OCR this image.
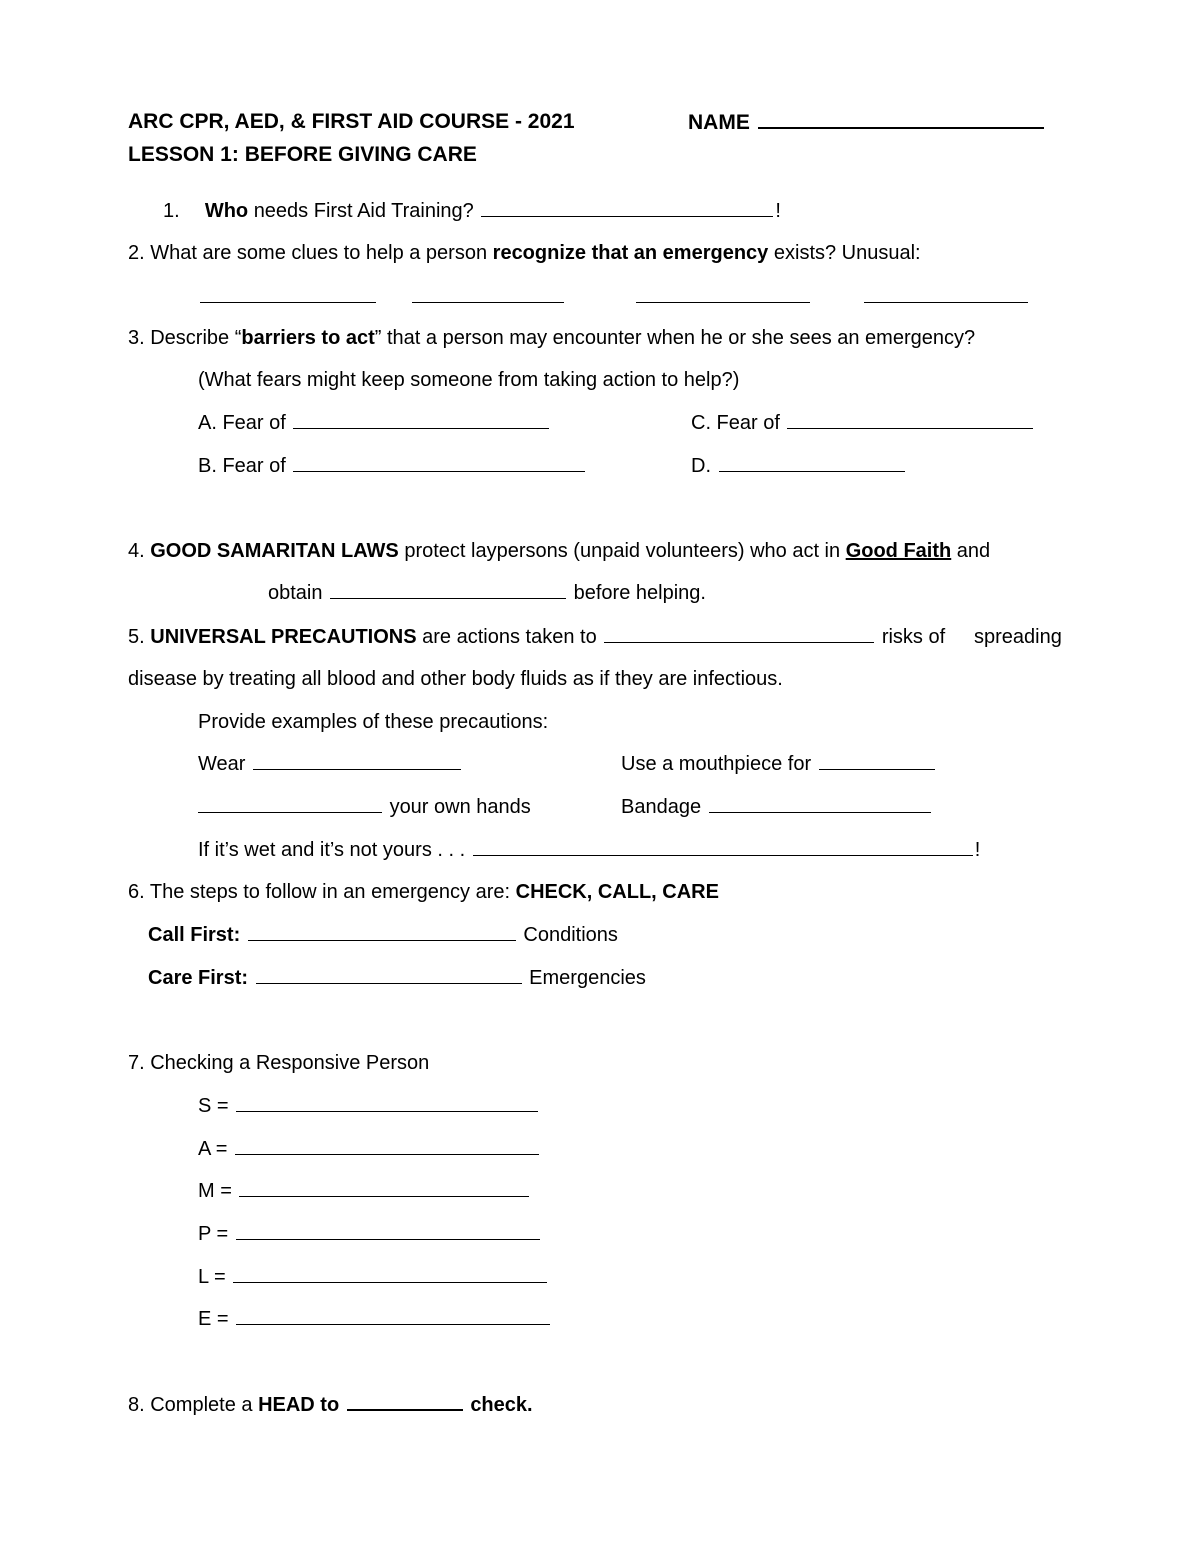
ARC CPR, AED, & FIRST AID COURSE - 2021	NAME
LESSON 1: BEFORE GIVING CARE
1. Who needs First Aid Training?	!
2. What are some clues to help a person recognize that an emergency exists? Unusual:
3. Describe “barriers to act” that a person may encounter when he or she sees an emergency?
(What fears might keep someone from taking action to help?)
A. Fear of	C. Fear of
B. Fear of	D.
4. GOOD SAMARITAN LAWS protect laypersons (unpaid volunteers) who act in Good Faith and
obtain	before helping.
5. UNIVERSAL PRECAUTIONS are actions taken to	risks of spreading
disease by treating all blood and other body fluids as if they are infectious.
Provide examples of these precautions:
Wear	Use a mouthpiece for
your own hands	Bandage
If it’s wet and it’s not yours . . .	!
6. The steps to follow in an emergency are: CHECK, CALL, CARE
Call First:	Conditions
Care First:	Emergencies
7. Checking a Responsive Person
S =
A =
M =
P =
L =
E =
8. Complete a HEAD to	check.
